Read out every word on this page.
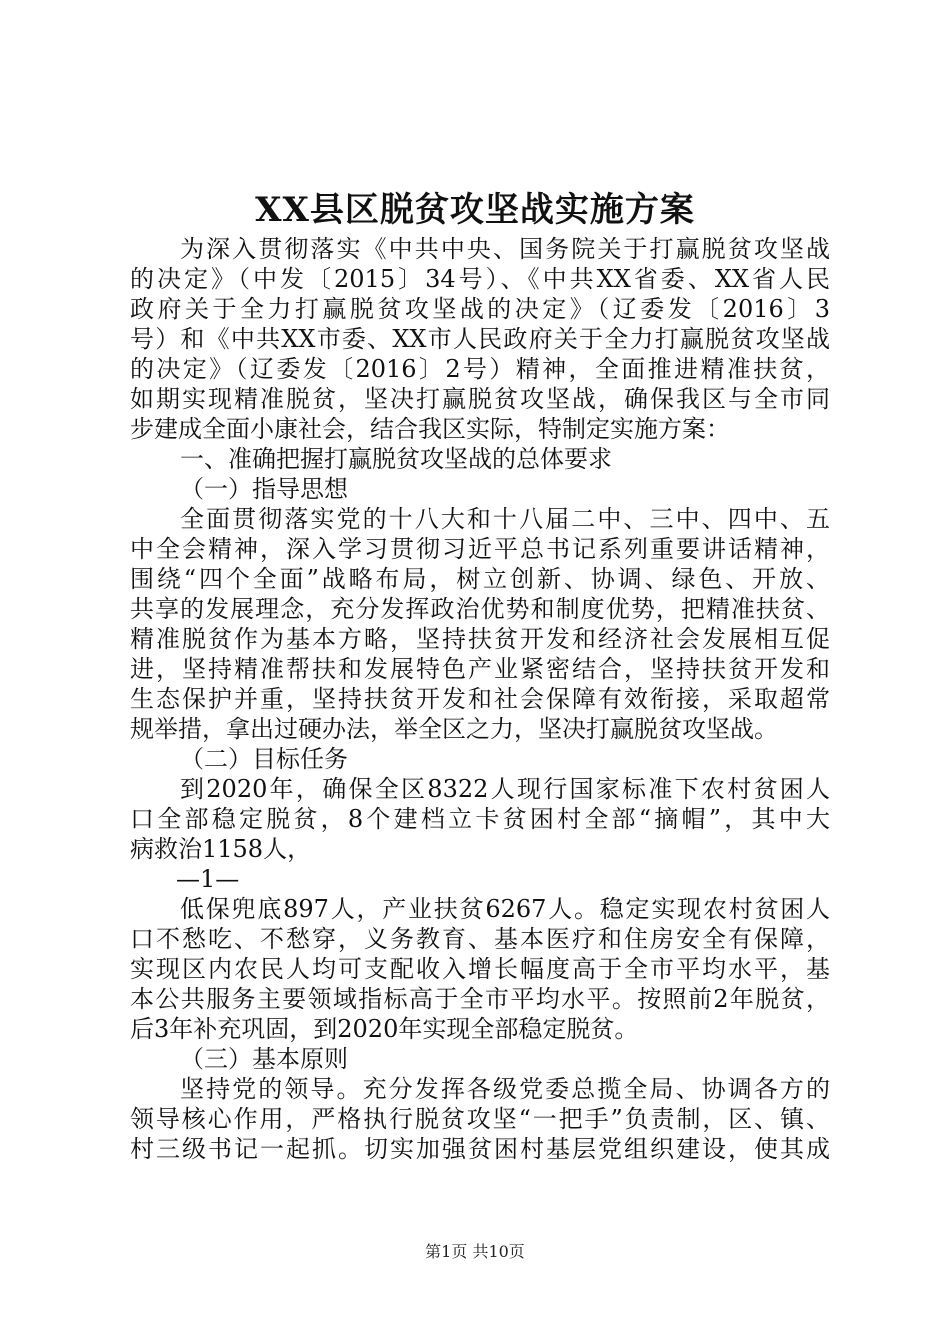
XX县区脱贫攻坚战实施方案
为深入贯彻落实《中共中央、国务院关于打赢脱贫攻坚战
的决定》（中发〔2015〕34号）、《中共XX省委、XX省人民
政府关于全力打赢脱贫攻坚战的决定》（辽委发〔2016〕3
号）和《中共XX市委、XX市人民政府关于全力打赢脱贫攻坚战
的决定》（辽委发〔2016〕2号）精神，全面推进精准扶贫，
如期实现精准脱贫，坚决打赢脱贫攻坚战，确保我区与全市同
步建成全面小康社会，结合我区实际，特制定实施方案：
一、准确把握打赢脱贫攻坚战的总体要求
（一）指导思想
全面贯彻落实党的十八大和十八届二中、三中、四中、五
中全会精神，深入学习贯彻习近平总书记系列重要讲话精神，
围绕“四个全面”战略布局，树立创新、协调、绿色、开放、
共享的发展理念，充分发挥政治优势和制度优势，把精准扶贫、
精准脱贫作为基本方略，坚持扶贫开发和经济社会发展相互促
进，坚持精准帮扶和发展特色产业紧密结合，坚持扶贫开发和
生态保护并重，坚持扶贫开发和社会保障有效衔接，采取超常
规举措，拿出过硬办法，举全区之力，坚决打赢脱贫攻坚战。
（二）目标任务
到2020年，确保全区8322人现行国家标准下农村贫困人
口全部稳定脱贫，8个建档立卡贫困村全部“摘帽”，其中大
病救治1158人，
—1—
低保兜底897人，产业扶贫6267人。稳定实现农村贫困人
口不愁吃、不愁穿，义务教育、基本医疗和住房安全有保障，
实现区内农民人均可支配收入增长幅度高于全市平均水平，基
本公共服务主要领域指标高于全市平均水平。按照前2年脱贫，
后3年补充巩固，到2020年实现全部稳定脱贫。
（三）基本原则
坚持党的领导。充分发挥各级党委总揽全局、协调各方的
领导核心作用，严格执行脱贫攻坚“一把手”负责制，区、镇、
村三级书记一起抓。切实加强贫困村基层党组织建设，使其成
第1页 共10页
